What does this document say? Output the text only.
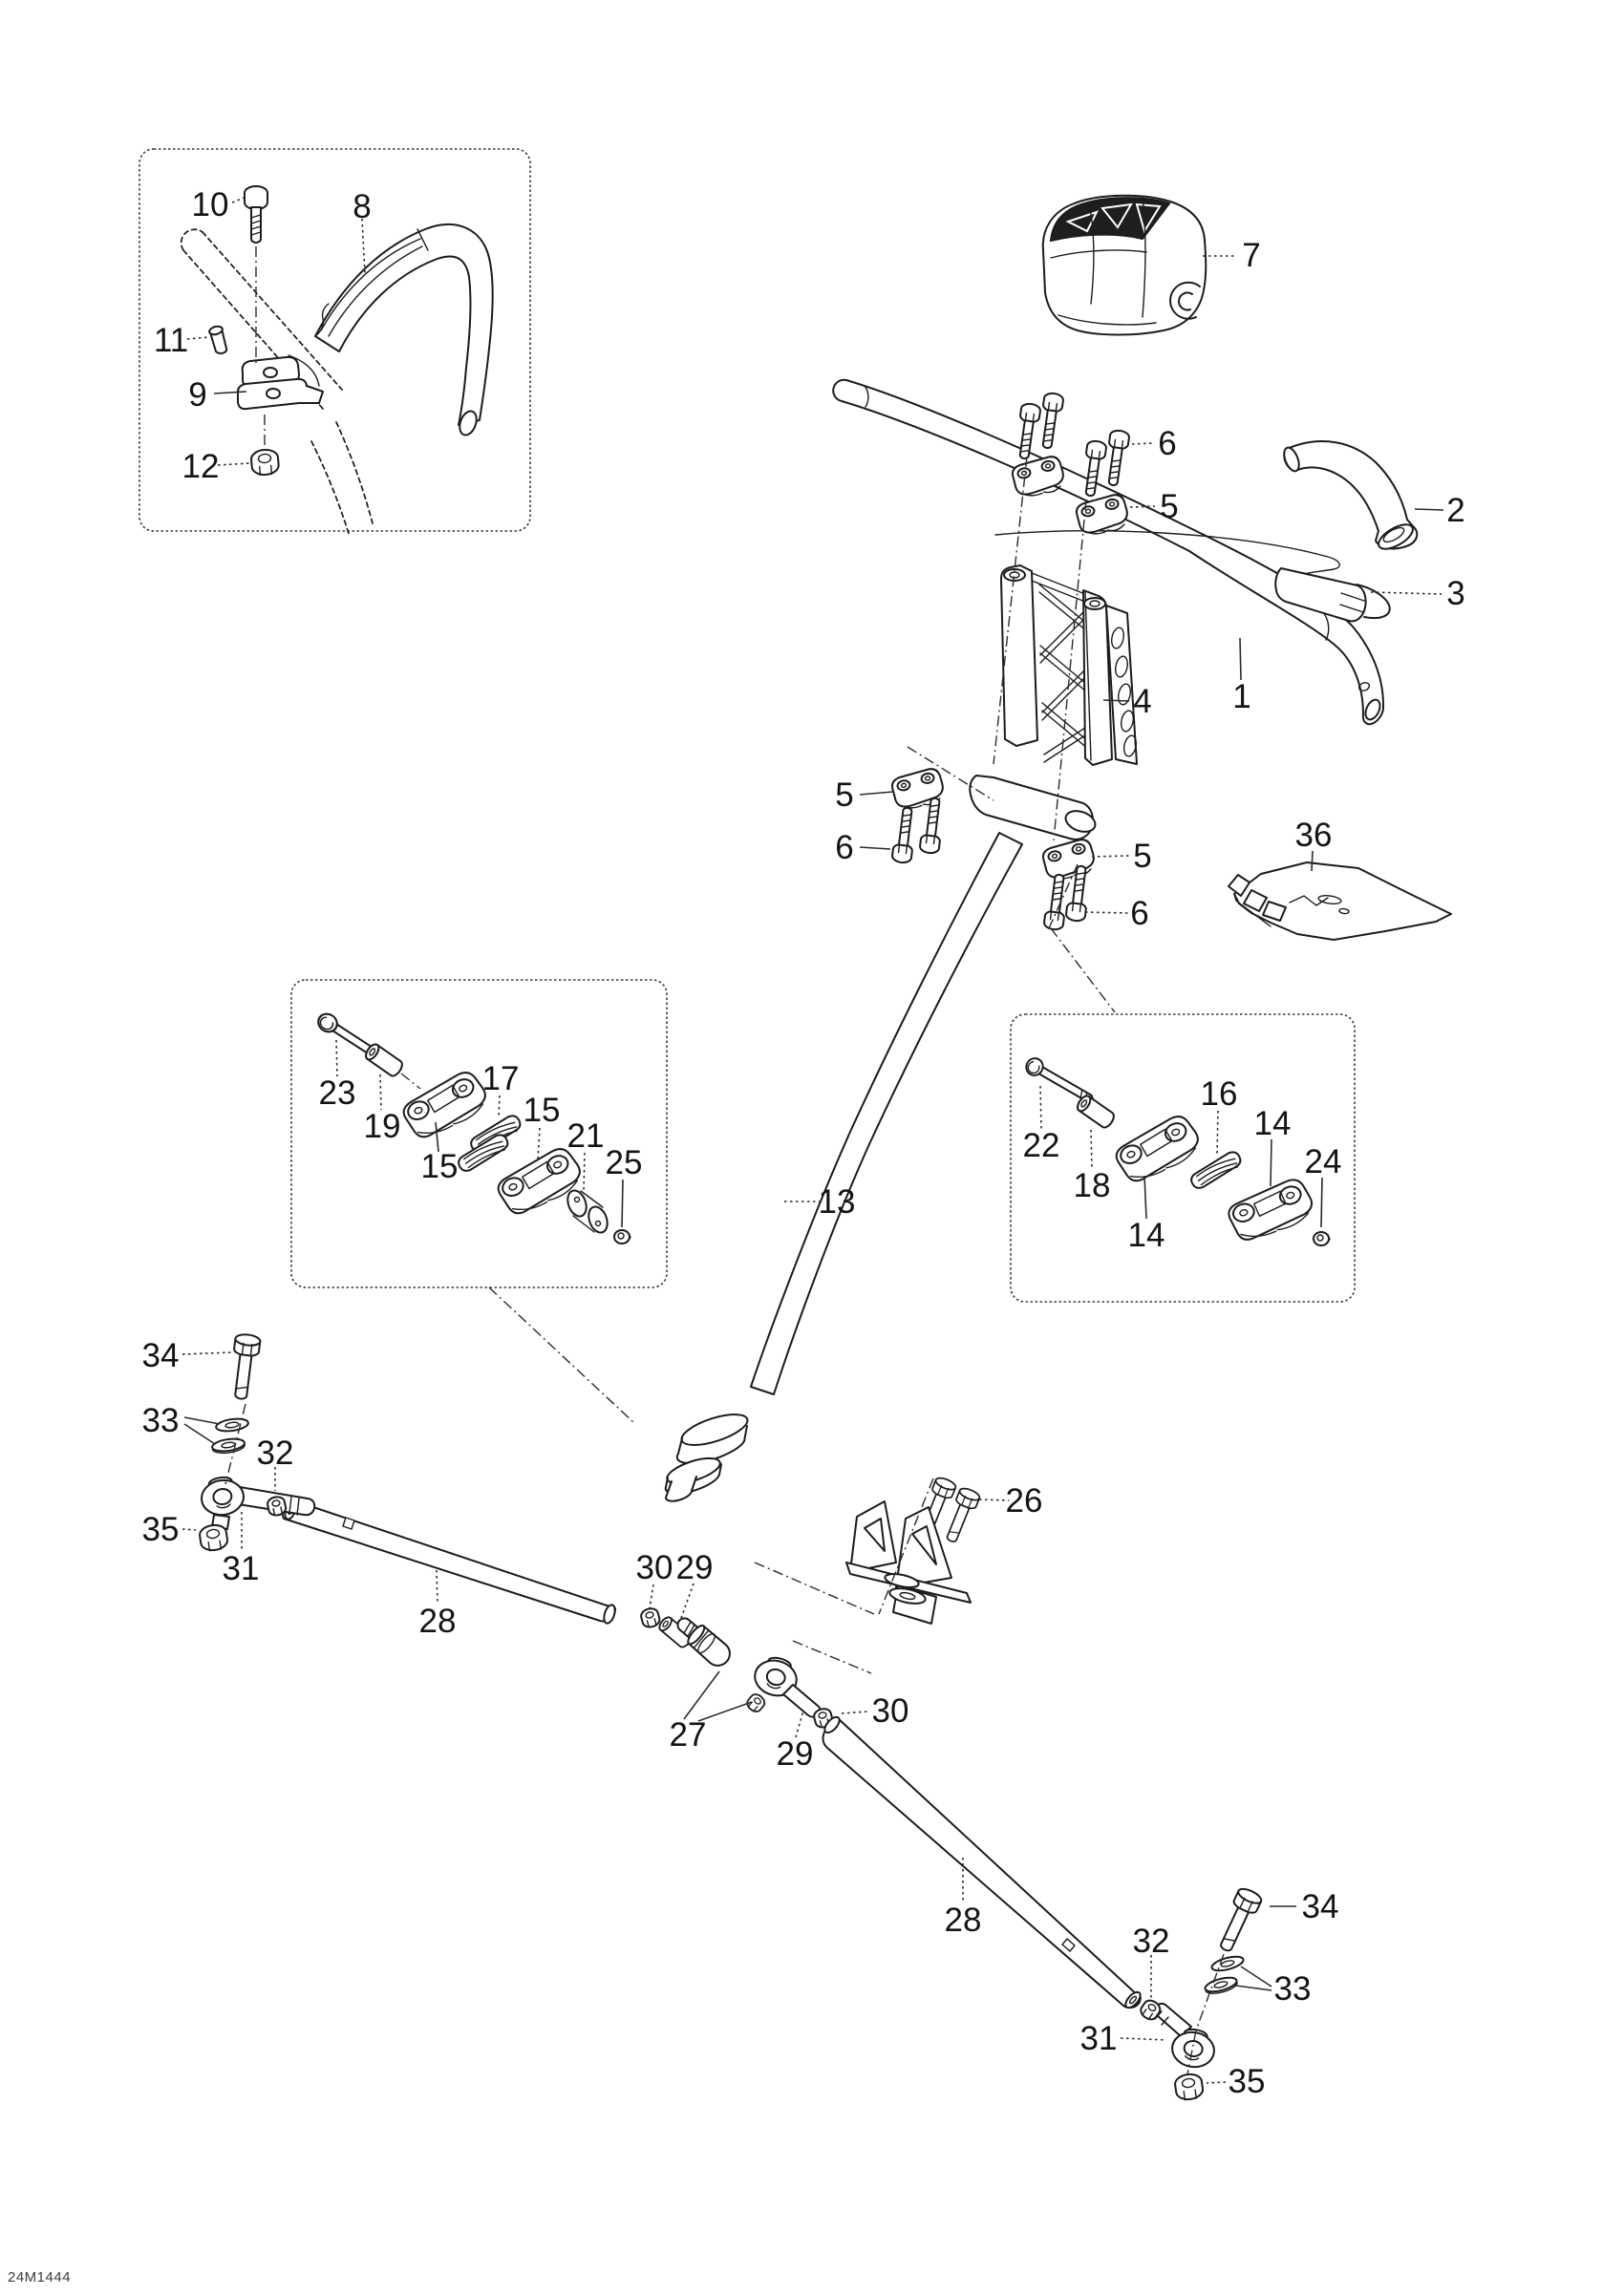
10	8
11
9
12
7
6
5	2
3
1
4
5
6	5
6
36
13
23
19
17
15
15
21
25	22
18
14
16
14
24
34
33
32
35
31
28
26
30 29
27
29
30
28	34
32
33
31
35
24M1444
